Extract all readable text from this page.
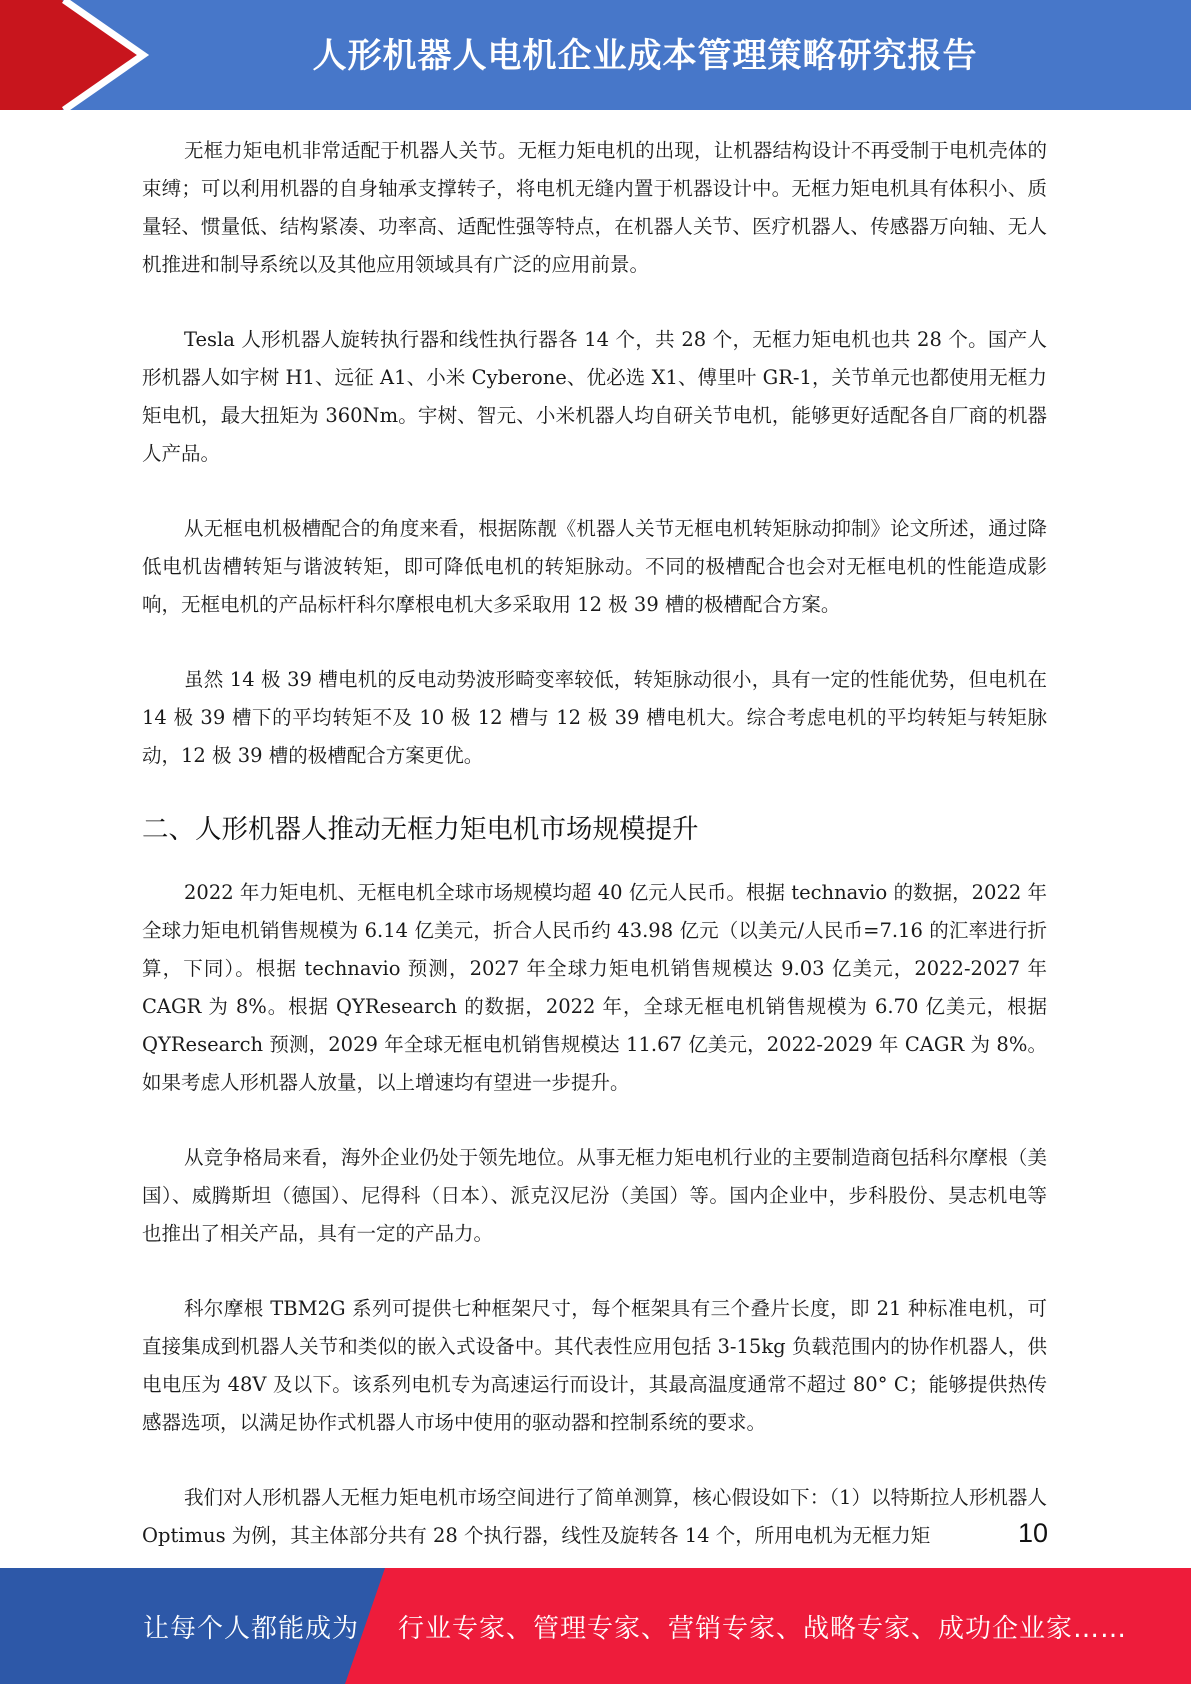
人形机器人电机企业成本管理策略研究报告

无框力矩电机非常适配于机器人关节。无框力矩电机的出现，让机器结构设计不再受制于电机壳体的束缚；可以利用机器的自身轴承支撑转子，将电机无缝内置于机器设计中。无框力矩电机具有体积小、质量轻、惯量低、结构紧凑、功率高、适配性强等特点，在机器人关节、医疗机器人、传感器万向轴、无人机推进和制导系统以及其他应用领域具有广泛的应用前景。

Tesla 人形机器人旋转执行器和线性执行器各 14 个，共 28 个，无框力矩电机也共 28 个。国产人形机器人如宇树 H1、远征 A1、小米 Cyberone、优必选 X1、傅里叶 GR-1，关节单元也都使用无框力矩电机，最大扭矩为 360Nm。宇树、智元、小米机器人均自研关节电机，能够更好适配各自厂商的机器人产品。

从无框电机极槽配合的角度来看，根据陈靓《机器人关节无框电机转矩脉动抑制》论文所述，通过降低电机齿槽转矩与谐波转矩，即可降低电机的转矩脉动。不同的极槽配合也会对无框电机的性能造成影响，无框电机的产品标杆科尔摩根电机大多采取用 12 极 39 槽的极槽配合方案。

虽然 14 极 39 槽电机的反电动势波形畸变率较低，转矩脉动很小，具有一定的性能优势，但电机在 14 极 39 槽下的平均转矩不及 10 极 12 槽与 12 极 39 槽电机大。综合考虑电机的平均转矩与转矩脉动，12 极 39 槽的极槽配合方案更优。

二、人形机器人推动无框力矩电机市场规模提升

2022 年力矩电机、无框电机全球市场规模均超 40 亿元人民币。根据 technavio 的数据，2022 年全球力矩电机销售规模为 6.14 亿美元，折合人民币约 43.98 亿元（以美元/人民币=7.16 的汇率进行折算，下同）。根据 technavio 预测，2027 年全球力矩电机销售规模达 9.03 亿美元，2022-2027 年 CAGR 为 8%。根据 QYResearch 的数据，2022 年，全球无框电机销售规模为 6.70 亿美元，根据 QYResearch 预测，2029 年全球无框电机销售规模达 11.67 亿美元，2022-2029 年 CAGR 为 8%。如果考虑人形机器人放量，以上增速均有望进一步提升。

从竞争格局来看，海外企业仍处于领先地位。从事无框力矩电机行业的主要制造商包括科尔摩根（美国）、威腾斯坦（德国）、尼得科（日本）、派克汉尼汾（美国）等。国内企业中，步科股份、昊志机电等也推出了相关产品，具有一定的产品力。

科尔摩根 TBM2G 系列可提供七种框架尺寸，每个框架具有三个叠片长度，即 21 种标准电机，可直接集成到机器人关节和类似的嵌入式设备中。其代表性应用包括 3-15kg 负载范围内的协作机器人，供电电压为 48V 及以下。该系列电机专为高速运行而设计，其最高温度通常不超过 80° C；能够提供热传感器选项，以满足协作式机器人市场中使用的驱动器和控制系统的要求。

我们对人形机器人无框力矩电机市场空间进行了简单测算，核心假设如下：（1）以特斯拉人形机器人 Optimus 为例，其主体部分共有 28 个执行器，线性及旋转各 14 个，所用电机为无框力矩	10
让每个人都能成为 行业专家、管理专家、营销专家、战略专家、成功企业家……
